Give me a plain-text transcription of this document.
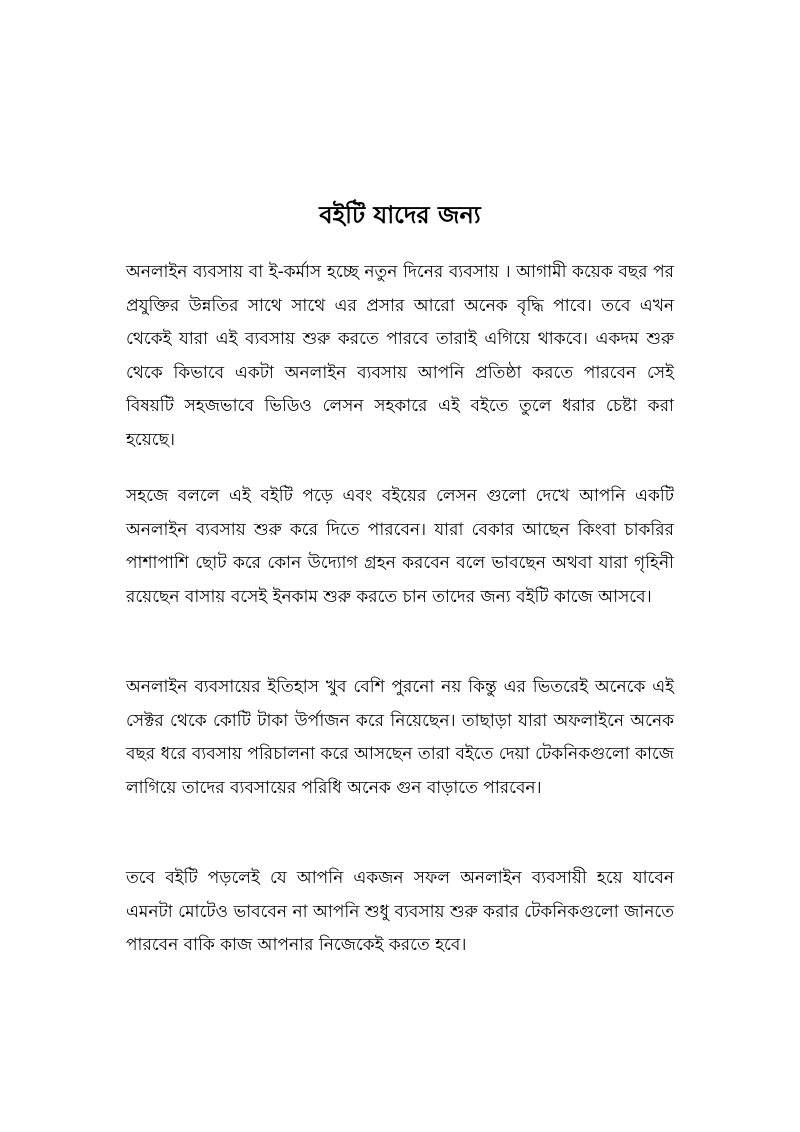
বইটি যাদের জন্য

অনলাইন ব্যবসায় বা ই-কর্মাস হচ্ছে নতুন দিনের ব্যবসায় । আগামী কয়েক বছর পর প্রযুক্তির উন্নতির সাথে সাথে এর প্রসার আরো অনেক বৃদ্ধি পাবে। তবে এখন থেকেই যারা এই ব্যবসায় শুরু করতে পারবে তারাই এগিয়ে থাকবে। একদম শুরু থেকে কিভাবে একটা অনলাইন ব্যবসায় আপনি প্রতিষ্ঠা করতে পারবেন সেই বিষয়টি সহজভাবে ভিডিও লেসন সহকারে এই বইতে তুলে ধরার চেষ্টা করা হয়েছে।

সহজে বললে এই বইটি পড়ে এবং বইয়ের লেসন গুলো দেখে আপনি একটি অনলাইন ব্যবসায় শুরু করে দিতে পারবেন। যারা বেকার আছেন কিংবা চাকরির পাশাপাশি ছোট করে কোন উদ্যোগ গ্রহন করবেন বলে ভাবছেন অথবা যারা গৃহিনী রয়েছেন বাসায় বসেই ইনকাম শুরু করতে চান তাদের জন্য বইটি কাজে আসবে।

অনলাইন ব্যবসায়ের ইতিহাস খুব বেশি পুরনো নয় কিন্তু এর ভিতরেই অনেকে এই সেক্টর থেকে কোটি টাকা উর্পাজন করে নিয়েছেন। তাছাড়া যারা অফলাইনে অনেক বছর ধরে ব্যবসায় পরিচালনা করে আসছেন তারা বইতে দেয়া টেকনিকগুলো কাজে লাগিয়ে তাদের ব্যবসায়ের পরিধি অনেক গুন বাড়াতে পারবেন।

তবে বইটি পড়লেই যে আপনি একজন সফল অনলাইন ব্যবসায়ী হয়ে যাবেন এমনটা মোটেও ভাববেন না আপনি শুধু ব্যবসায় শুরু করার টেকনিকগুলো জানতে পারবেন বাকি কাজ আপনার নিজেকেই করতে হবে।
